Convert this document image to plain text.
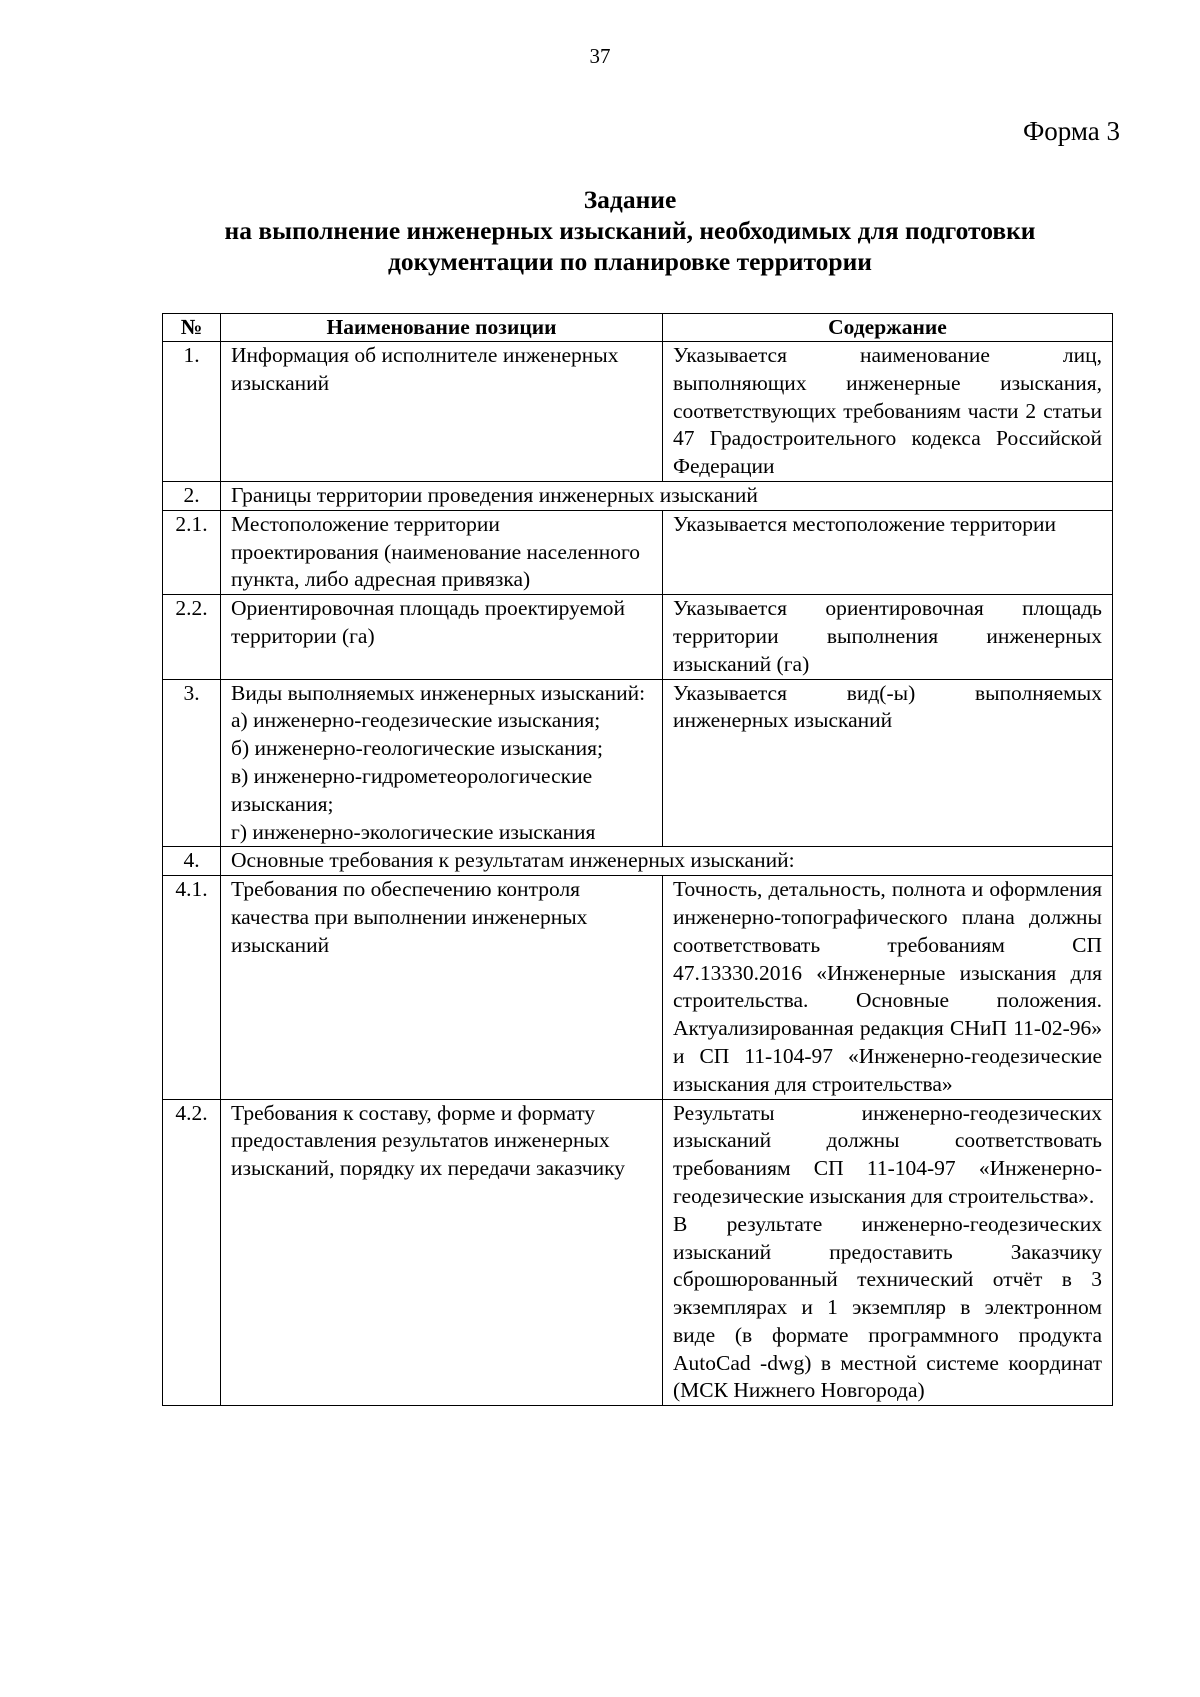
37
Форма 3
Задание
на выполнение инженерных изысканий, необходимых для подготовки
документации по планировке территории
№	Наименование позиции	Содержание
1.	Информация об исполнителе инженерных изысканий	Указывается наименование лиц, выполняющих инженерные изыскания, соответствующих требованиям части 2 статьи 47 Градостроительного кодекса Российской Федерации
2.	Границы территории проведения инженерных изысканий	
2.1.	Местоположение территории проектирования (наименование населенного пункта, либо адресная привязка)	Указывается местоположение территории
2.2.	Ориентировочная площадь проектируемой территории (га)	Указывается ориентировочная площадь территории выполнения инженерных изысканий (га)
3.	Виды выполняемых инженерных изысканий:
а) инженерно-геодезические изыскания;
б) инженерно-геологические изыскания;
в) инженерно-гидрометеорологические изыскания;
г) инженерно-экологические изыскания	Указывается вид(-ы) выполняемых инженерных изысканий
4.	Основные требования к результатам инженерных изысканий:	
4.1.	Требования по обеспечению контроля качества при выполнении инженерных изысканий	Точность, детальность, полнота и оформления инженерно-топографического плана должны соответствовать требованиям СП 47.13330.2016 «Инженерные изыскания для строительства. Основные положения. Актуализированная редакция СНиП 11-02-96» и СП 11-104-97 «Инженерно-геодезические изыскания для строительства»
4.2.	Требования к составу, форме и формату предоставления результатов инженерных изысканий, порядку их передачи заказчику	Результаты инженерно-геодезических изысканий должны соответствовать требованиям СП 11-104-97 «Инженерно-геодезические изыскания для строительства».
В результате инженерно-геодезических изысканий предоставить Заказчику сброшюрованный технический отчёт в 3 экземплярах и 1 экземпляр в электронном виде (в формате программного продукта AutoCad -dwg) в местной системе координат (МСК Нижнего Новгорода)
